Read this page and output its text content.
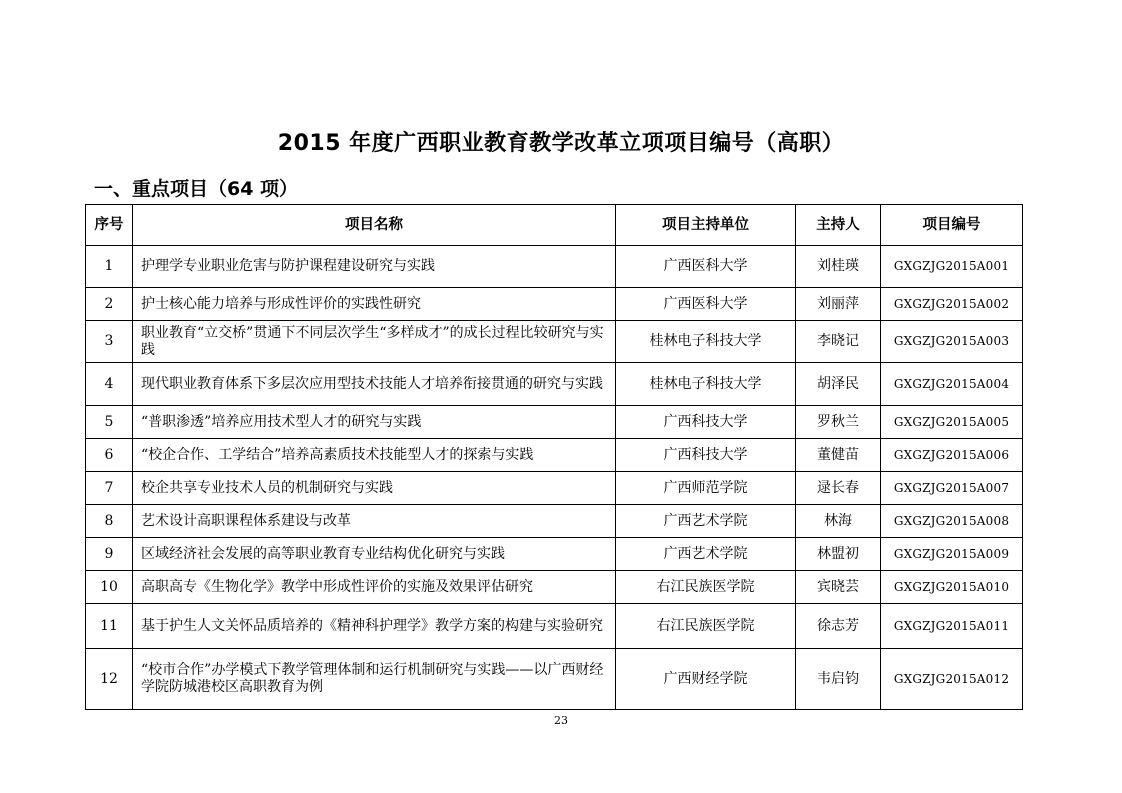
2015 年度广西职业教育教学改革立项项目编号（高职）
一、重点项目（64 项）
序号	项目名称	项目主持单位	主持人	项目编号
1	护理学专业职业危害与防护课程建设研究与实践	广西医科大学	刘桂瑛	GXGZJG2015A001
2	护士核心能力培养与形成性评价的实践性研究	广西医科大学	刘丽萍	GXGZJG2015A002
3	职业教育“立交桥”贯通下不同层次学生“多样成才”的成长过程比较研究与实践	桂林电子科技大学	李晓记	GXGZJG2015A003
4	现代职业教育体系下多层次应用型技术技能人才培养衔接贯通的研究与实践	桂林电子科技大学	胡泽民	GXGZJG2015A004
5	“普职渗透”培养应用技术型人才的研究与实践	广西科技大学	罗秋兰	GXGZJG2015A005
6	“校企合作、工学结合”培养高素质技术技能型人才的探索与实践	广西科技大学	董健苗	GXGZJG2015A006
7	校企共享专业技术人员的机制研究与实践	广西师范学院	逯长春	GXGZJG2015A007
8	艺术设计高职课程体系建设与改革	广西艺术学院	林海	GXGZJG2015A008
9	区域经济社会发展的高等职业教育专业结构优化研究与实践	广西艺术学院	林盟初	GXGZJG2015A009
10	高职高专《生物化学》教学中形成性评价的实施及效果评估研究	右江民族医学院	宾晓芸	GXGZJG2015A010
11	基于护生人文关怀品质培养的《精神科护理学》教学方案的构建与实验研究	右江民族医学院	徐志芳	GXGZJG2015A011
12	“校市合作”办学模式下教学管理体制和运行机制研究与实践——以广西财经学院防城港校区高职教育为例	广西财经学院	韦启钧	GXGZJG2015A012
23
